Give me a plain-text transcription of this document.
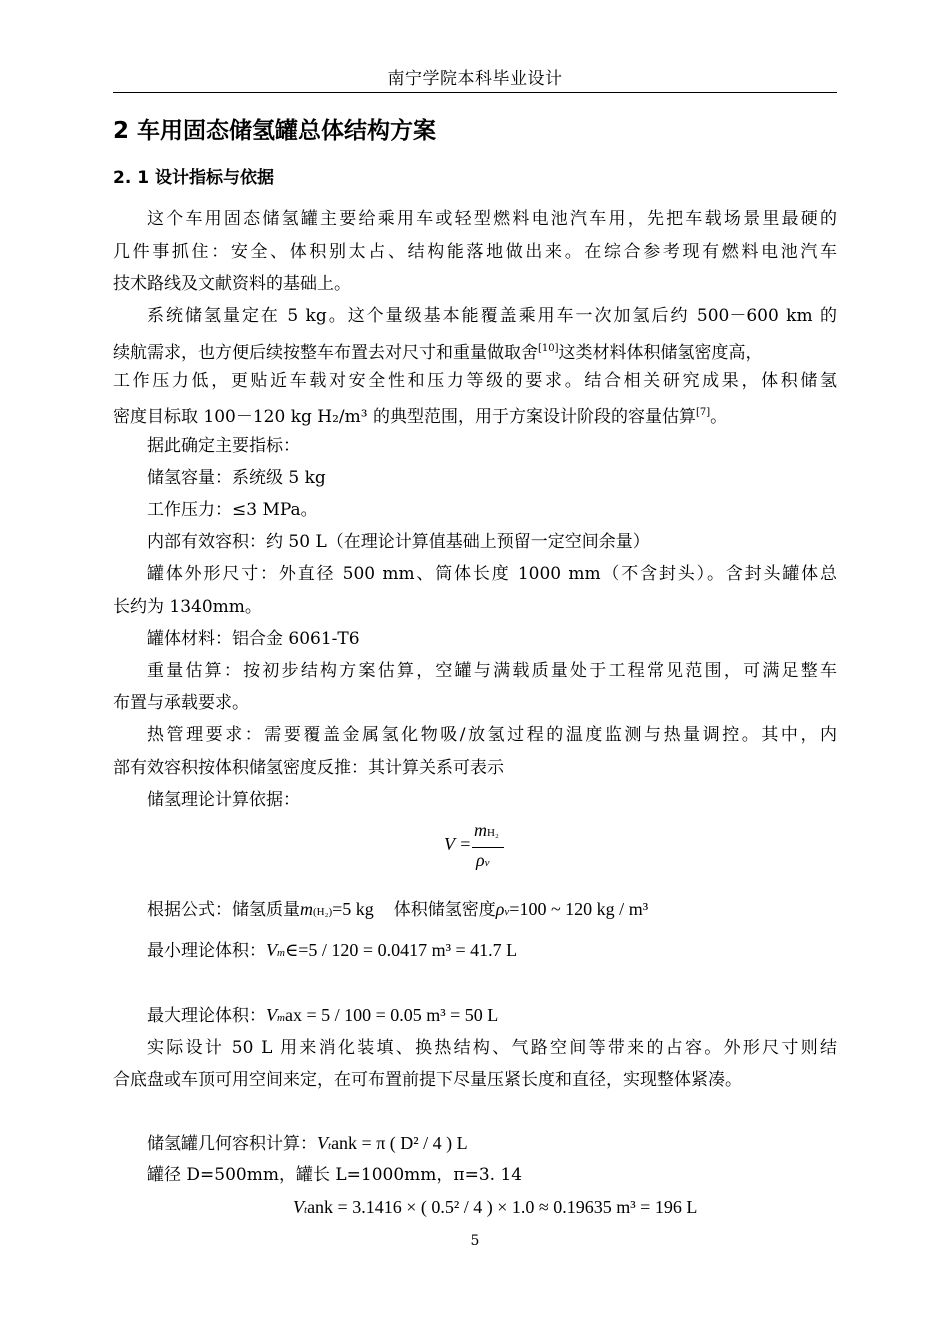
南宁学院本科毕业设计
2 车用固态储氢罐总体结构方案
2. 1 设计指标与依据
这个车用固态储氢罐主要给乘用车或轻型燃料电池汽车用，先把车载场景里最硬的
几件事抓住：安全、体积别太占、结构能落地做出来。在综合参考现有燃料电池汽车
技术路线及文献资料的基础上。
系统储氢量定在 5 kg。这个量级基本能覆盖乘用车一次加氢后约 500－600 km 的
续航需求，也方便后续按整车布置去对尺寸和重量做取舍[10]这类材料体积储氢密度高，
工作压力低，更贴近车载对安全性和压力等级的要求。结合相关研究成果，体积储氢
密度目标取 100－120 kg H₂/m³ 的典型范围，用于方案设计阶段的容量估算[7]。
据此确定主要指标：
储氢容量：系统级 5 kg
工作压力：≤3 MPa。
内部有效容积：约 50 L（在理论计算值基础上预留一定空间余量）
罐体外形尺寸：外直径 500 mm、筒体长度 1000 mm（不含封头）。含封头罐体总
长约为 1340mm。
罐体材料：铝合金 6061-T6
重量估算：按初步结构方案估算，空罐与满载质量处于工程常见范围，可满足整车
布置与承载要求。
热管理要求：需要覆盖金属氢化物吸/放氢过程的温度监测与热量调控。其中，内
部有效容积按体积储氢密度反推：其计算关系可表示
储氢理论计算依据：
V =
mH₂
ρv
根据公式：储氢质量m(H₂)=5 kg 体积储氢密度ρv=100 ~ 120 kg / m³
最小理论体积：Vm∈=5 / 120 = 0.0417 m³ = 41.7 L
最大理论体积：Vmax = 5 / 100 = 0.05 m³ = 50 L
实际设计 50 L 用来消化装填、换热结构、气路空间等带来的占容。外形尺寸则结
合底盘或车顶可用空间来定，在可布置前提下尽量压紧长度和直径，实现整体紧凑。
储氢罐几何容积计算：Vtank = π ( D² / 4 ) L
罐径 D=500mm，罐长 L=1000mm，π=3. 14
Vtank = 3.1416 × ( 0.5² / 4 ) × 1.0 ≈ 0.19635 m³ = 196 L
5
